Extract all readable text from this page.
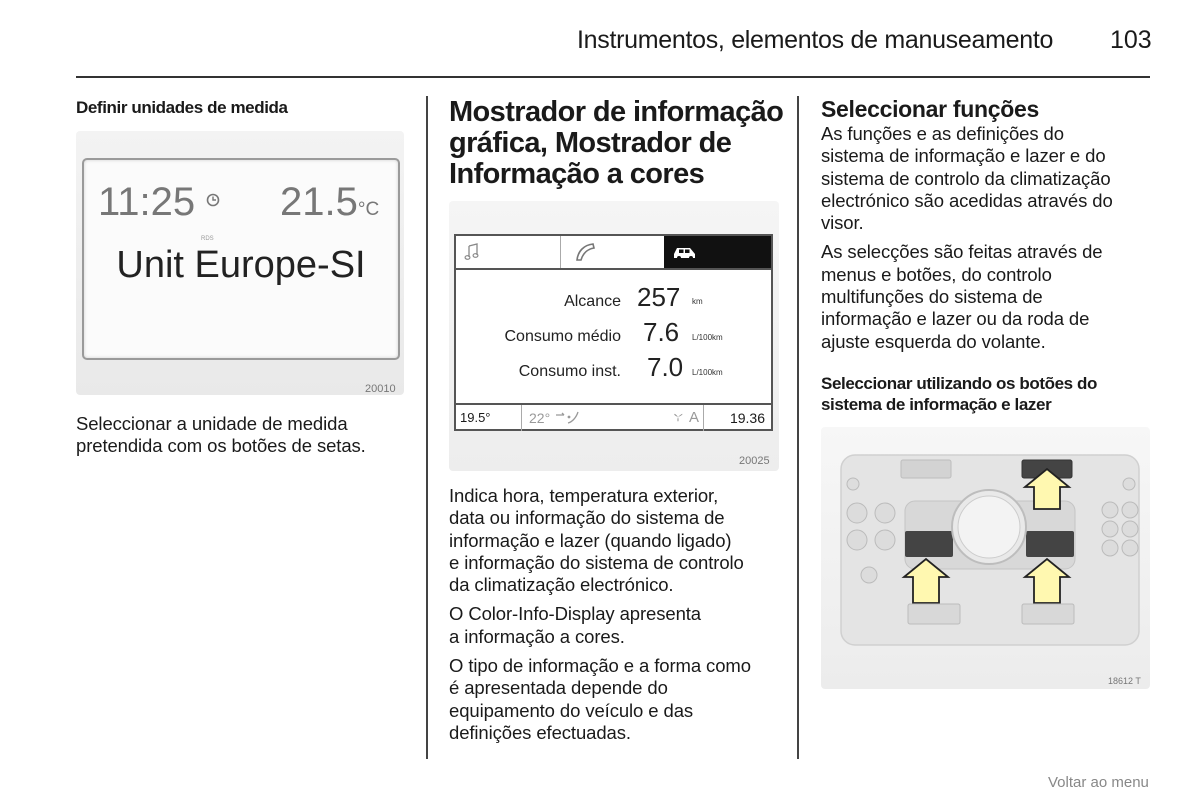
Instrumentos, elementos de manuseamento 103
Definir unidades de medida
11:25
RDS
21.5°C
Unit Europe-SI
20010
Seleccionar a unidade de medida pretendida com os botões de setas.
Mostrador de informação
gráfica, Mostrador de
Informação a cores
Alcance 257 km
Consumo médio 7.6 L/100km
Consumo inst. 7.0 L/100km
19.5°	22°	A	19.36
20025
Indica hora, temperatura exterior,
data ou informação do sistema de
informação e lazer (quando ligado)
e informação do sistema de controlo
da climatização electrónico.
O Color-Info-Display apresenta
a informação a cores.
O tipo de informação e a forma como
é apresentada depende do
equipamento do veículo e das
definições efectuadas.
Seleccionar funções
As funções e as definições do
sistema de informação e lazer e do
sistema de controlo da climatização
electrónico são acedidas através do
visor.
As selecções são feitas através de
menus e botões, do controlo
multifunções do sistema de
informação e lazer ou da roda de
ajuste esquerda do volante.
Seleccionar utilizando os botões do
sistema de informação e lazer
18612 T
Voltar ao menu
